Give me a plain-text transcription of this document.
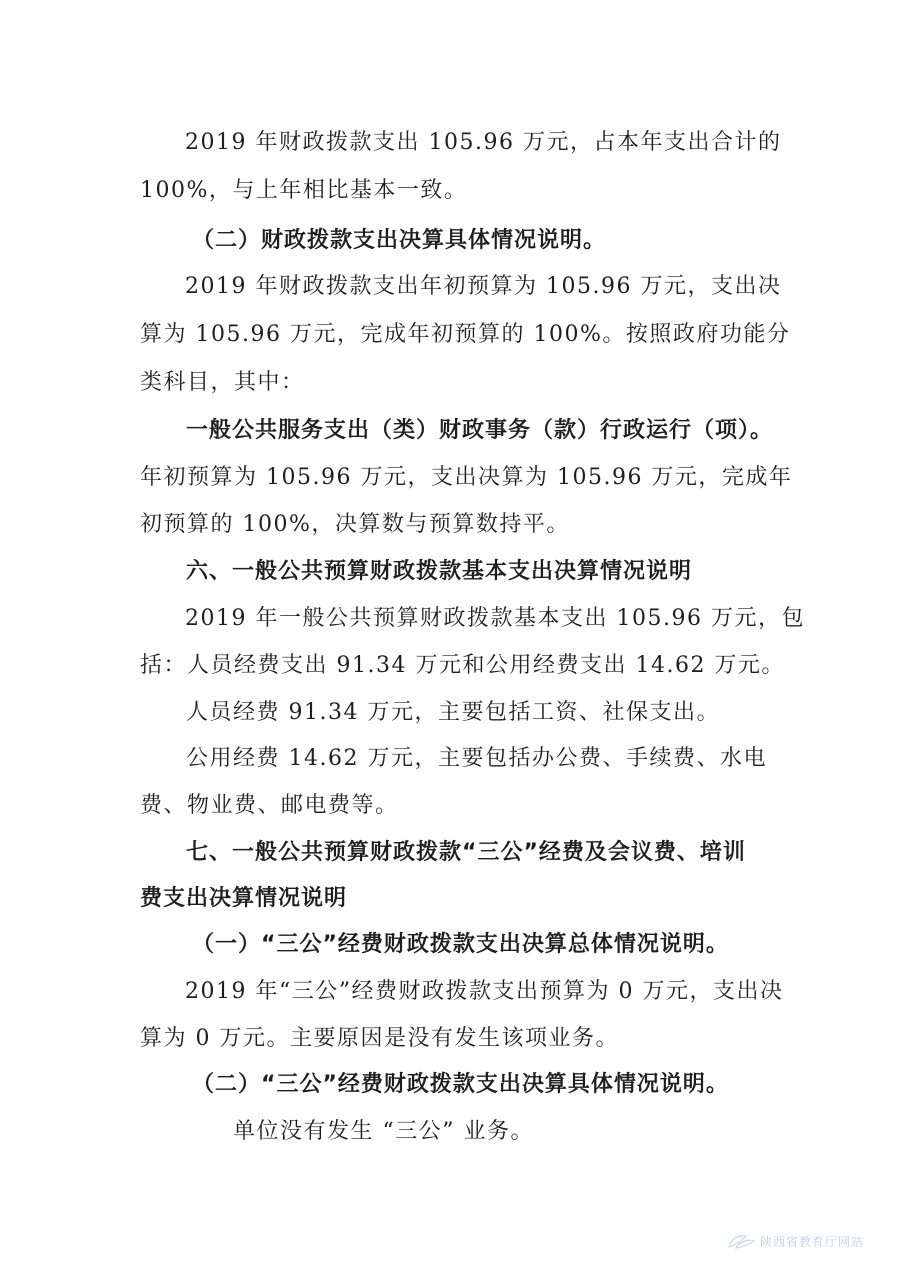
2019 年财政拨款支出 105.96 万元，占本年支出合计的

100%，与上年相比基本一致。

（二）财政拨款支出决算具体情况说明。

2019 年财政拨款支出年初预算为 105.96 万元，支出决

算为 105.96 万元，完成年初预算的 100%。按照政府功能分

类科目，其中：

一般公共服务支出（类）财政事务（款）行政运行（项）。

年初预算为 105.96 万元，支出决算为 105.96 万元，完成年

初预算的 100%，决算数与预算数持平。

六、一般公共预算财政拨款基本支出决算情况说明

2019 年一般公共预算财政拨款基本支出 105.96 万元，包

括：人员经费支出 91.34 万元和公用经费支出 14.62 万元。

人员经费 91.34 万元，主要包括工资、社保支出。

公用经费 14.62 万元，主要包括办公费、手续费、水电

费、物业费、邮电费等。

七、一般公共预算财政拨款“三公”经费及会议费、培训

费支出决算情况说明

（一）“三公”经费财政拨款支出决算总体情况说明。

2019 年“三公”经费财政拨款支出预算为 0 万元，支出决

算为 0 万元。主要原因是没有发生该项业务。

（二）“三公”经费财政拨款支出决算具体情况说明。

单位没有发生 “三公” 业务。

陕西省教育厅网站
